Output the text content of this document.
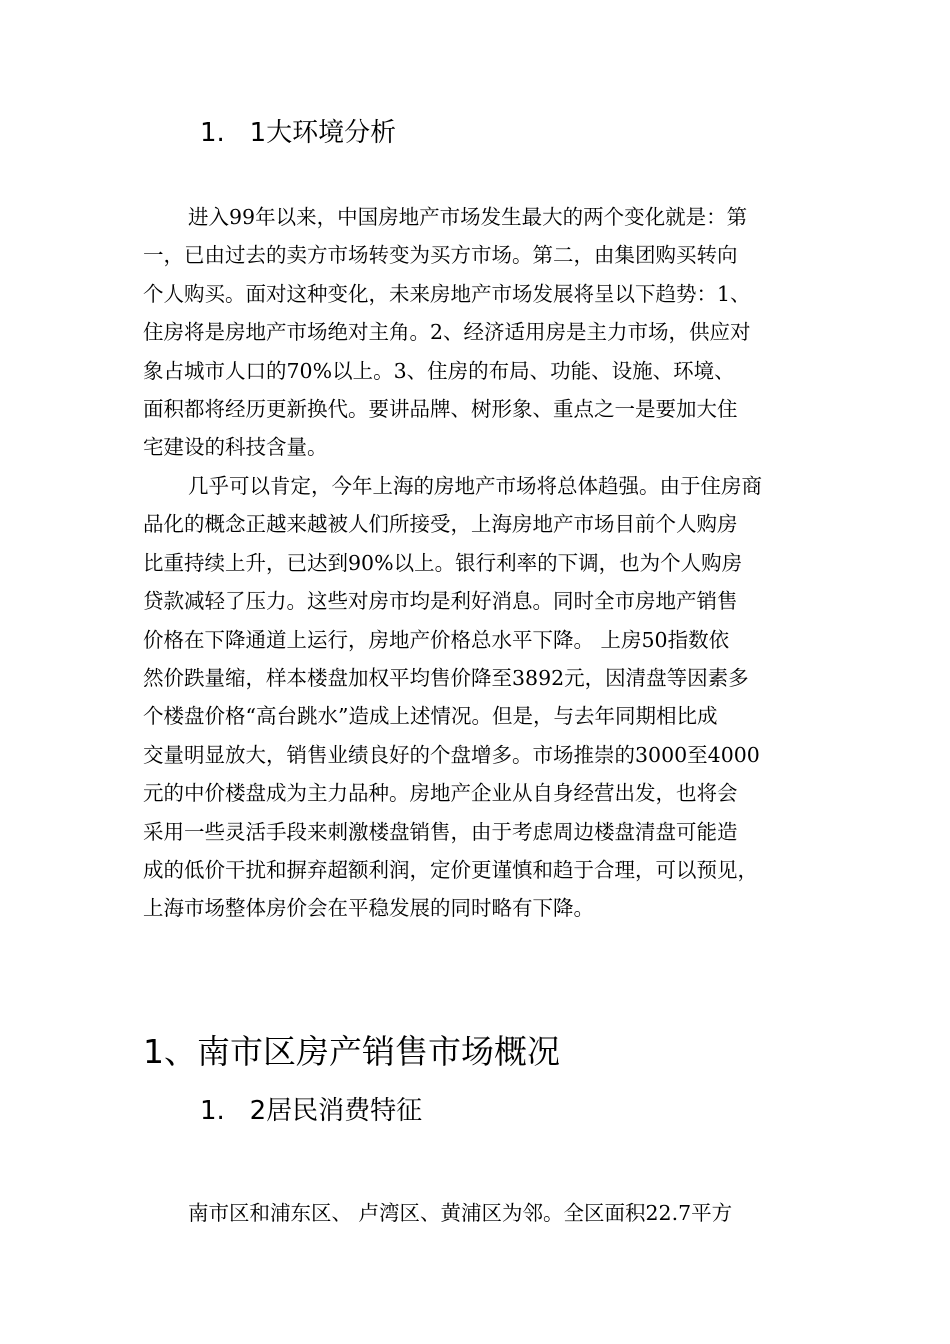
1.   1大环境分析
进入99年以来，中国房地产市场发生最大的两个变化就是：第
一，已由过去的卖方市场转变为买方市场。第二，由集团购买转向
个人购买。面对这种变化，未来房地产市场发展将呈以下趋势：1、
住房将是房地产市场绝对主角。2、经济适用房是主力市场，供应对
象占城市人口的70%以上。3、住房的布局、功能、设施、环境、
面积都将经历更新换代。要讲品牌、树形象、重点之一是要加大住
宅建设的科技含量。
几乎可以肯定，今年上海的房地产市场将总体趋强。由于住房商
品化的概念正越来越被人们所接受，上海房地产市场目前个人购房
比重持续上升，已达到90%以上。银行利率的下调，也为个人购房
贷款减轻了压力。这些对房市均是利好消息。同时全市房地产销售
价格在下降通道上运行，房地产价格总水平下降。 上房50指数依
然价跌量缩，样本楼盘加权平均售价降至3892元，因清盘等因素多
个楼盘价格“高台跳水”造成上述情况。但是，与去年同期相比成
交量明显放大，销售业绩良好的个盘增多。市场推崇的3000至4000
元的中价楼盘成为主力品种。房地产企业从自身经营出发，也将会
采用一些灵活手段来刺激楼盘销售，由于考虑周边楼盘清盘可能造
成的低价干扰和摒弃超额利润，定价更谨慎和趋于合理，可以预见，
上海市场整体房价会在平稳发展的同时略有下降。
1、南市区房产销售市场概况
1.   2居民消费特征
南市区和浦东区、 卢湾区、黄浦区为邻。全区面积22.7平方
